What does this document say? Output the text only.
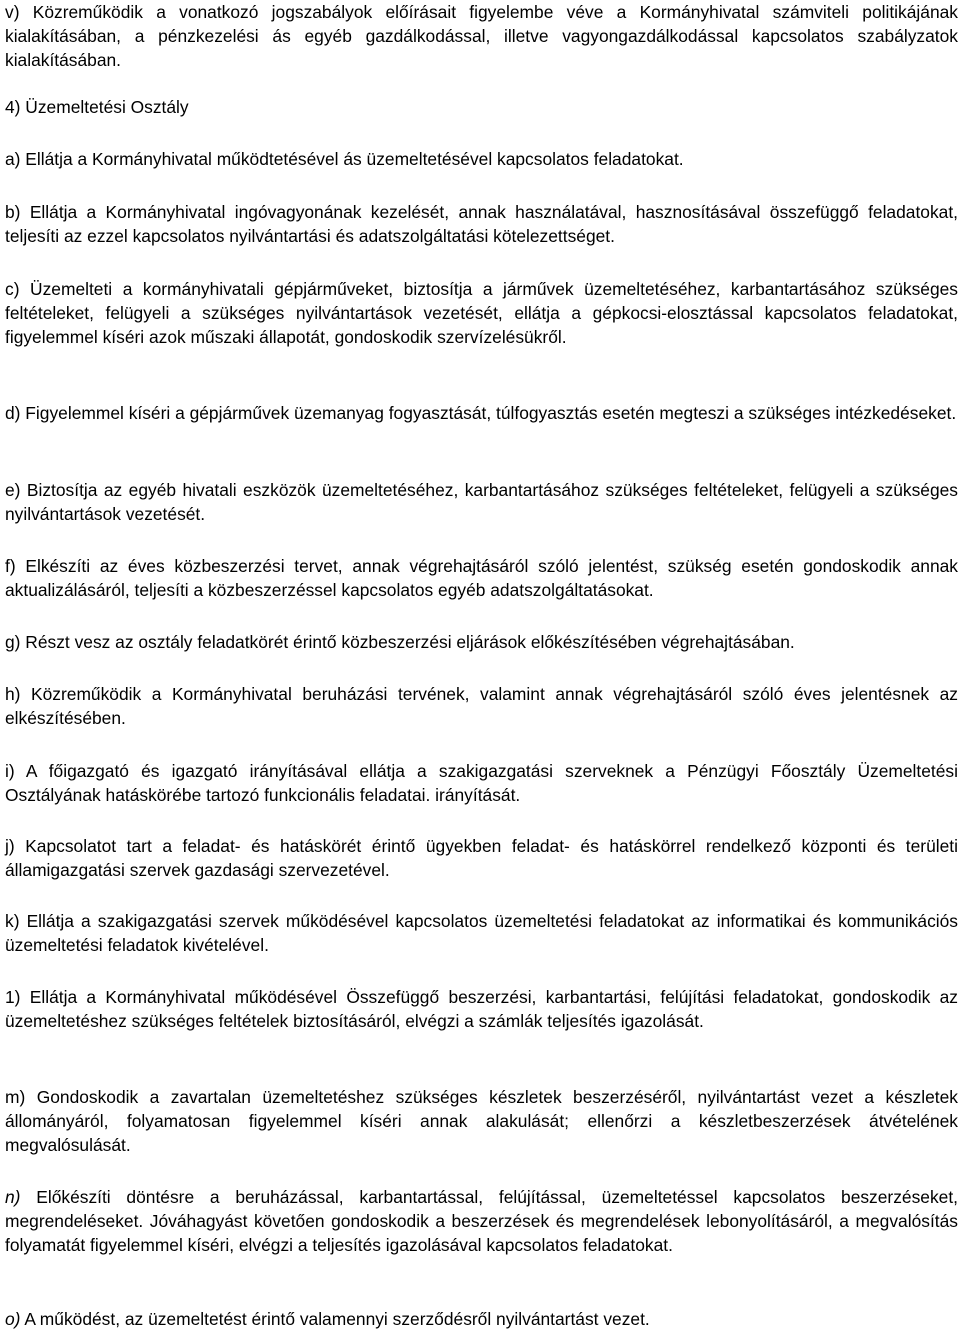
v) Közreműködik a vonatkozó jogszabályok előírásait figyelembe véve a Kormányhivatal számviteli politikájának kialakításában, a pénzkezelési ás egyéb gazdálkodással, illetve vagyongazdálkodással kapcsolatos szabályzatok kialakításában.

4) Üzemeltetési Osztály

a) Ellátja a Kormányhivatal működtetésével ás üzemeltetésével kapcsolatos feladatokat.

b) Ellátja a Kormányhivatal ingóvagyonának kezelését, annak használatával, hasznosításával összefüggő feladatokat, teljesíti az ezzel kapcsolatos nyilvántartási és adatszolgáltatási kötelezettséget.

c) Üzemelteti a kormányhivatali gépjárműveket, biztosítja a járművek üzemeltetéséhez, karbantartásához szükséges feltételeket, felügyeli a szükséges nyilvántartások vezetését, ellátja a gépkocsi-elosztással kapcsolatos feladatokat, figyelemmel kíséri azok műszaki állapotát, gondoskodik szervízelésükről.

d) Figyelemmel kíséri a gépjárművek üzemanyag fogyasztását, túlfogyasztás esetén megteszi a szükséges intézkedéseket.

e) Biztosítja az egyéb hivatali eszközök üzemeltetéséhez, karbantartásához szükséges feltételeket, felügyeli a szükséges nyilvántartások vezetését.

f) Elkészíti az éves közbeszerzési tervet, annak végrehajtásáról szóló jelentést, szükség esetén gondoskodik annak aktualizálásáról, teljesíti a közbeszerzéssel kapcsolatos egyéb adatszolgáltatásokat.

g) Részt vesz az osztály feladatkörét érintő közbeszerzési eljárások előkészítésében végrehajtásában.

h) Közreműködik a Kormányhivatal beruházási tervének, valamint annak végrehajtásáról szóló éves jelentésnek az elkészítésében.

i) A főigazgató és igazgató irányításával ellátja a szakigazgatási szerveknek a Pénzügyi Főosztály Üzemeltetési Osztályának hatáskörébe tartozó funkcionális feladatai. irányítását.

j) Kapcsolatot tart a feladat- és hatáskörét érintő ügyekben feladat- és hatáskörrel rendelkező központi és területi államigazgatási szervek gazdasági szervezetével.

k) Ellátja a szakigazgatási szervek működésével kapcsolatos üzemeltetési feladatokat az informatikai és kommunikációs üzemeltetési feladatok kivételével.

1) Ellátja a Kormányhivatal működésével Összefüggő beszerzési, karbantartási, felújítási feladatokat, gondoskodik az üzemeltetéshez szükséges feltételek biztosításáról, elvégzi a számlák teljesítés igazolását.

m) Gondoskodik a zavartalan üzemeltetéshez szükséges készletek beszerzéséről, nyilvántartást vezet a készletek állományáról, folyamatosan figyelemmel kíséri annak alakulását; ellenőrzi a készletbeszerzések átvételének megvalósulását.

n) Előkészíti döntésre a beruházással, karbantartással, felújítással, üzemeltetéssel kapcsolatos beszerzéseket, megrendeléseket. Jóváhagyást követően gondoskodik a beszerzések és megrendelések lebonyolításáról, a megvalósítás folyamatát figyelemmel kíséri, elvégzi a teljesítés igazolásával kapcsolatos feladatokat.

o) A működést, az üzemeltetést érintő valamennyi szerződésről nyilvántartást vezet.
